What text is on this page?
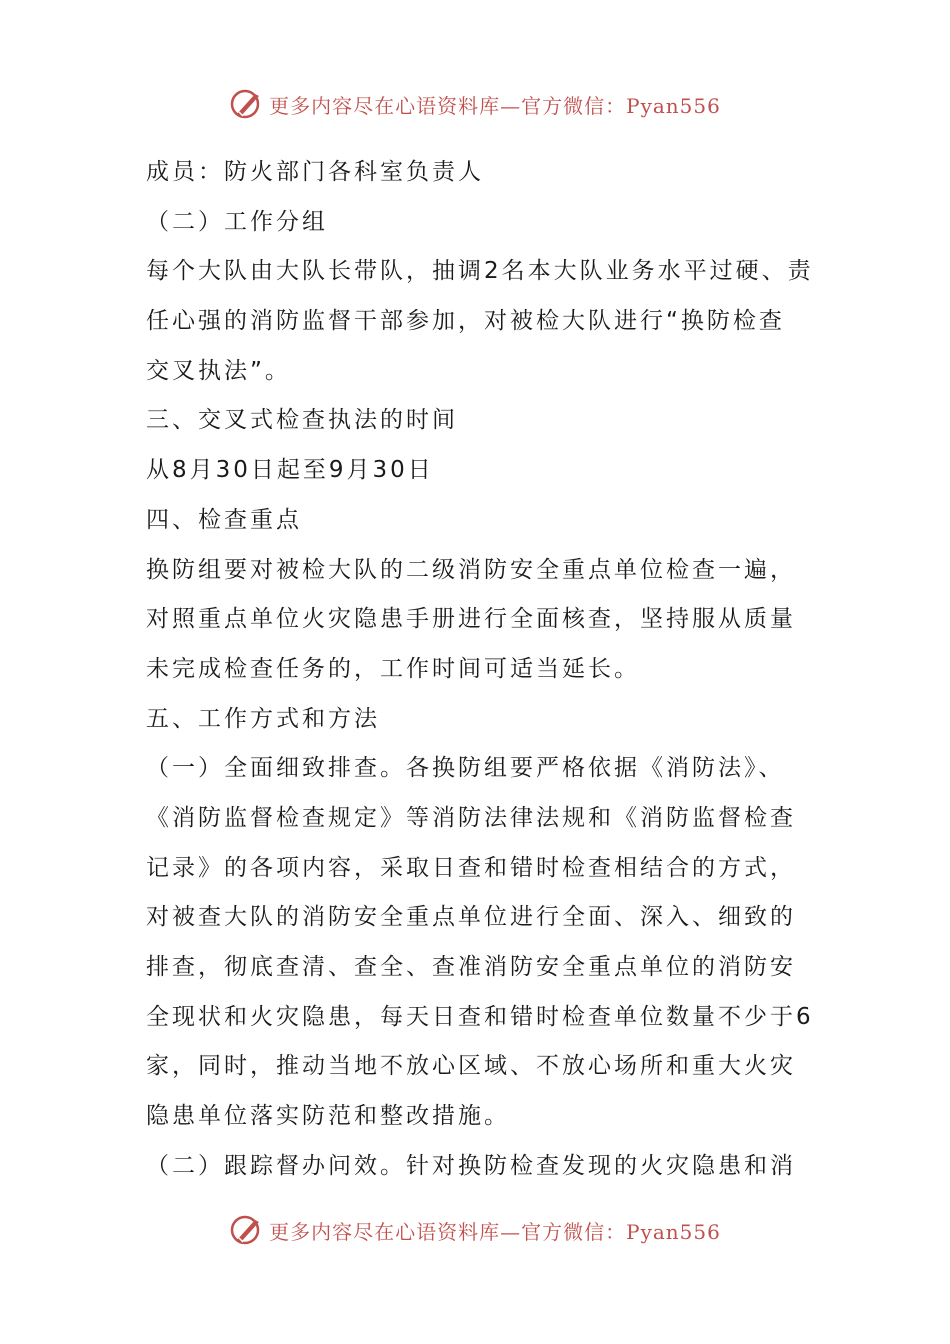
更多内容尽在心语资料库—官方微信：Pyan556
成员：防火部门各科室负责人
（二）工作分组
每个大队由大队长带队，抽调2名本大队业务水平过硬、责
任心强的消防监督干部参加，对被检大队进行“换防检查
交叉执法”。
三、交叉式检查执法的时间
从8月30日起至9月30日
四、检查重点
换防组要对被检大队的二级消防安全重点单位检查一遍，
对照重点单位火灾隐患手册进行全面核查，坚持服从质量
未完成检查任务的，工作时间可适当延长。
五、工作方式和方法
（一）全面细致排查。各换防组要严格依据《消防法》、
《消防监督检查规定》等消防法律法规和《消防监督检查
记录》的各项内容，采取日查和错时检查相结合的方式，
对被查大队的消防安全重点单位进行全面、深入、细致的
排查，彻底查清、查全、查准消防安全重点单位的消防安
全现状和火灾隐患，每天日查和错时检查单位数量不少于6
家，同时，推动当地不放心区域、不放心场所和重大火灾
隐患单位落实防范和整改措施。
（二）跟踪督办问效。针对换防检查发现的火灾隐患和消
更多内容尽在心语资料库—官方微信：Pyan556
